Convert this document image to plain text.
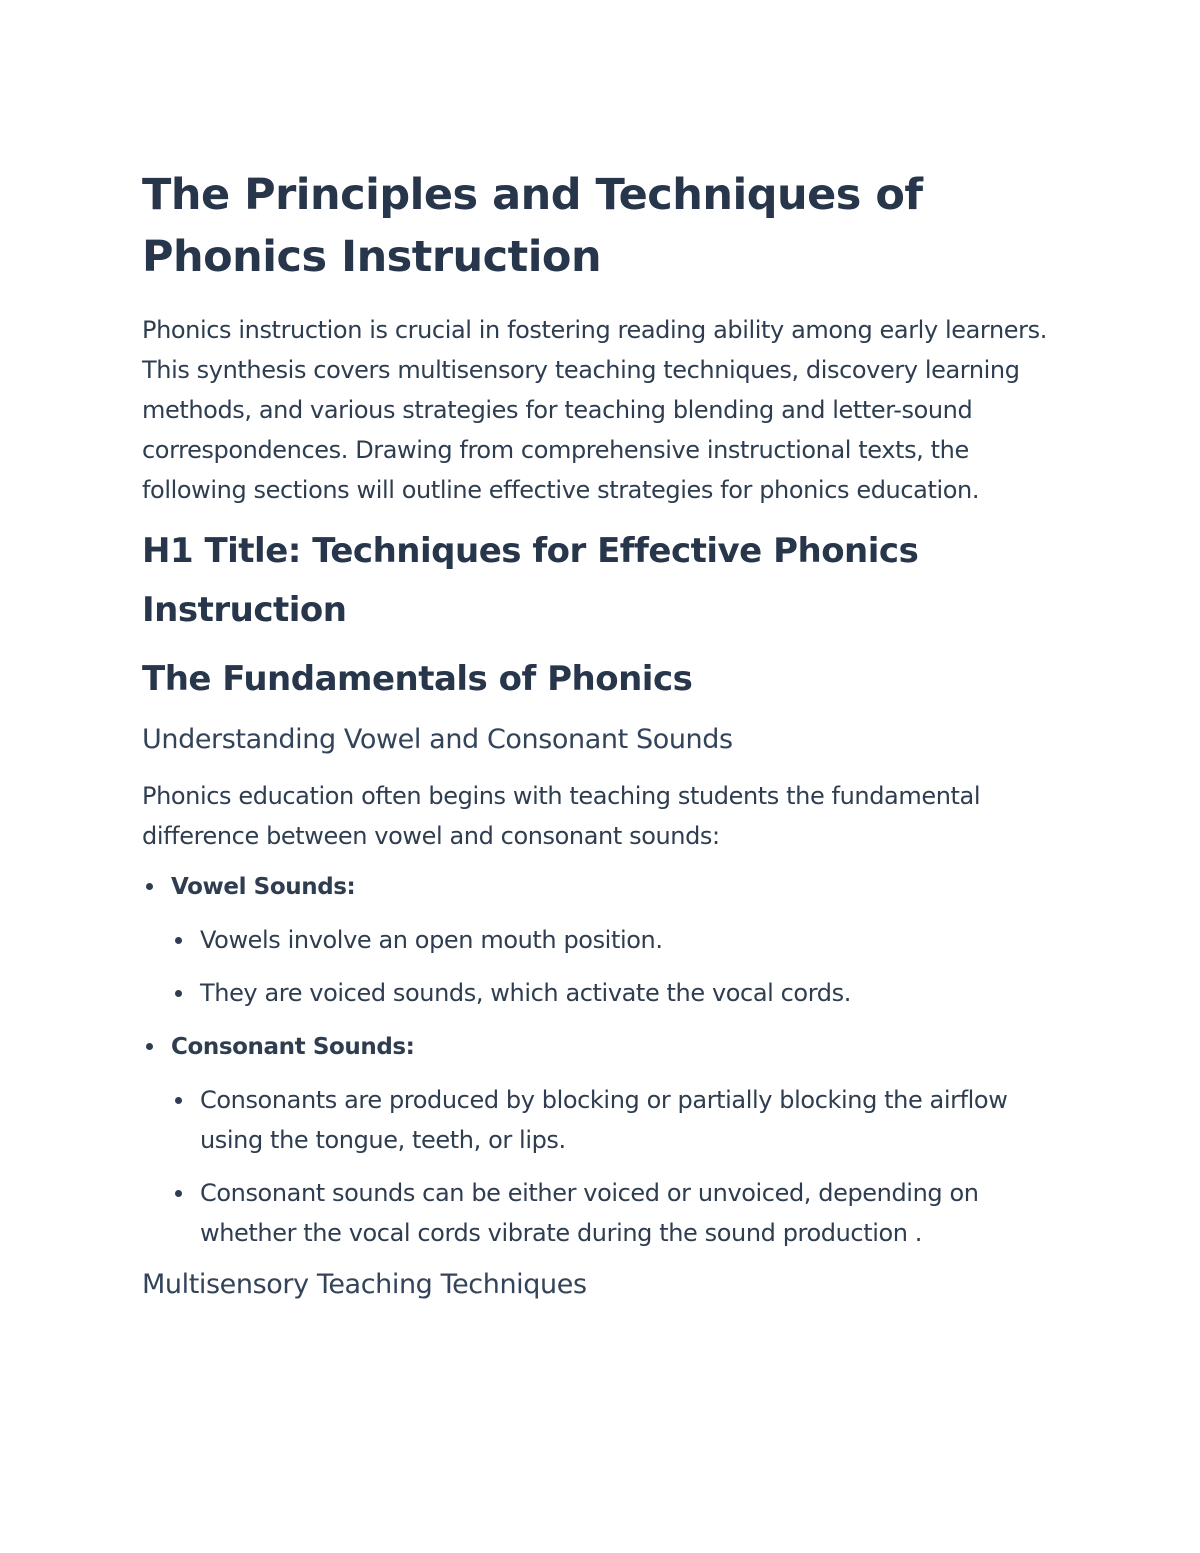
The Principles and Techniques of Phonics Instruction

Phonics instruction is crucial in fostering reading ability among early learners. This synthesis covers multisensory teaching techniques, discovery learning methods, and various strategies for teaching blending and letter-sound correspondences. Drawing from comprehensive instructional texts, the following sections will outline effective strategies for phonics education.

H1 Title: Techniques for Effective Phonics Instruction
The Fundamentals of Phonics
Understanding Vowel and Consonant Sounds

Phonics education often begins with teaching students the fundamental difference between vowel and consonant sounds:

Vowel Sounds:
Vowels involve an open mouth position.
They are voiced sounds, which activate the vocal cords.
Consonant Sounds:
Consonants are produced by blocking or partially blocking the airflow using the tongue, teeth, or lips.
Consonant sounds can be either voiced or unvoiced, depending on whether the vocal cords vibrate during the sound production .
Multisensory Teaching Techniques
